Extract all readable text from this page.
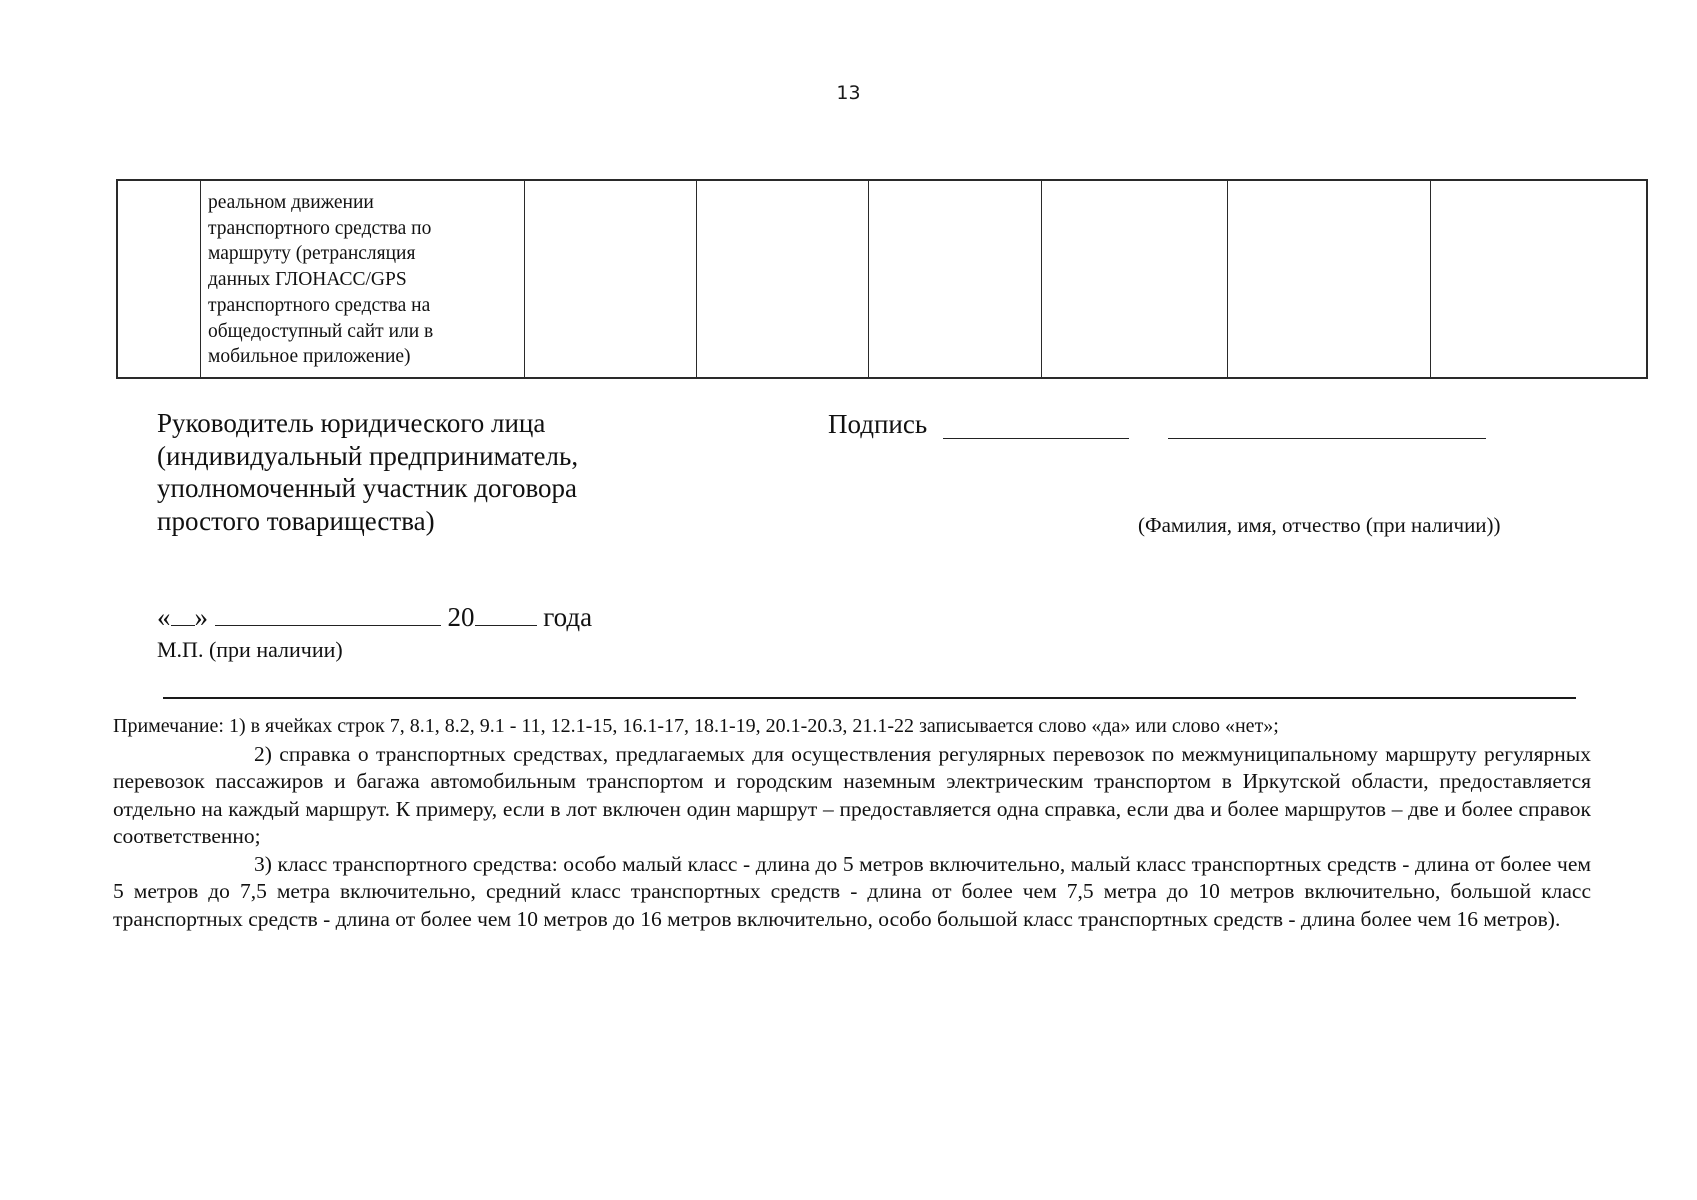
13
реальном движении
транспортного средства по
маршруту (ретрансляция
данных ГЛОНАСС/GPS
транспортного средства на
общедоступный сайт или в
мобильное приложение)
Руководитель юридического лица
(индивидуальный предприниматель,
уполномоченный участник договора
простого товарищества)
Подпись
(Фамилия, имя, отчество (при наличии))
« »	20	года
М.П. (при наличии)

Примечание: 1) в ячейках строк 7, 8.1, 8.2, 9.1 - 11, 12.1-15, 16.1-17, 18.1-19, 20.1-20.3, 21.1-22 записывается слово «да» или слово «нет»;

2) справка о транспортных средствах, предлагаемых для осуществления регулярных перевозок по межмуниципальному маршруту регулярных перевозок пассажиров и багажа автомобильным транспортом и городским наземным электрическим транспортом в Иркутской области, предоставляется отдельно на каждый маршрут. К примеру, если в лот включен один маршрут – предоставляется одна справка, если два и более маршрутов – две и более справок соответственно;

3) класс транспортного средства: особо малый класс - длина до 5 метров включительно, малый класс транспортных средств - длина от более чем 5 метров до 7,5 метра включительно, средний класс транспортных средств - длина от более чем 7,5 метра до 10 метров включительно, большой класс транспортных средств - длина от более чем 10 метров до 16 метров включительно, особо большой класс транспортных средств - длина более чем 16 метров).
